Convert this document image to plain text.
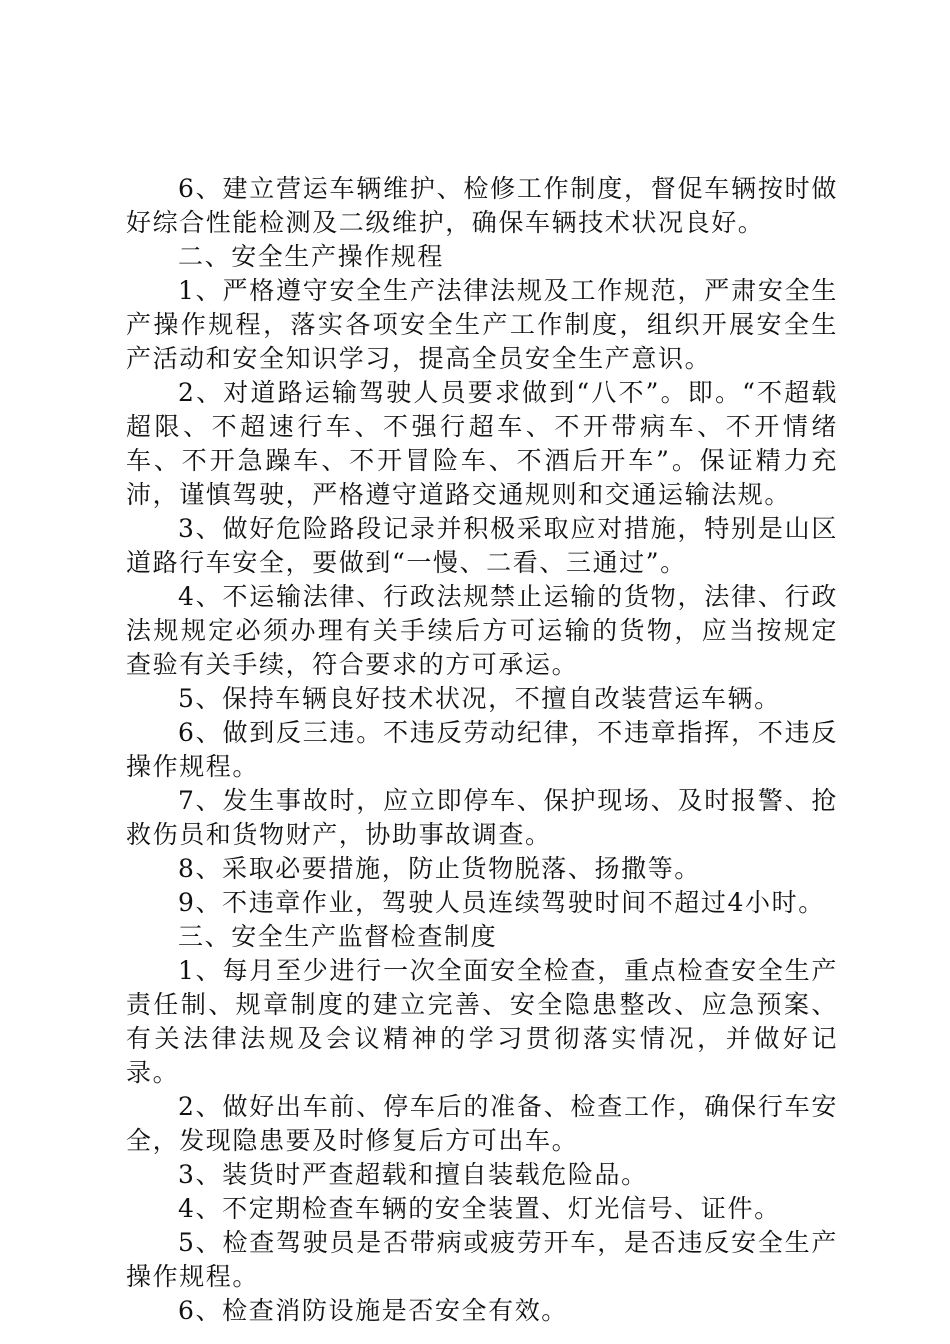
6、建立营运车辆维护、检修工作制度，督促车辆按时做好综合性能检测及二级维护，确保车辆技术状况良好。

二、安全生产操作规程

1、严格遵守安全生产法律法规及工作规范，严肃安全生产操作规程，落实各项安全生产工作制度，组织开展安全生产活动和安全知识学习，提高全员安全生产意识。

2、对道路运输驾驶人员要求做到“八不”。即。“不超载超限、不超速行车、不强行超车、不开带病车、不开情绪车、不开急躁车、不开冒险车、不酒后开车”。保证精力充沛，谨慎驾驶，严格遵守道路交通规则和交通运输法规。

3、做好危险路段记录并积极采取应对措施，特别是山区道路行车安全，要做到“一慢、二看、三通过”。

4、不运输法律、行政法规禁止运输的货物，法律、行政法规规定必须办理有关手续后方可运输的货物，应当按规定查验有关手续，符合要求的方可承运。

5、保持车辆良好技术状况，不擅自改装营运车辆。

6、做到反三违。不违反劳动纪律，不违章指挥，不违反操作规程。

7、发生事故时，应立即停车、保护现场、及时报警、抢救伤员和货物财产，协助事故调查。

8、采取必要措施，防止货物脱落、扬撒等。

9、不违章作业，驾驶人员连续驾驶时间不超过4小时。

三、安全生产监督检查制度

1、每月至少进行一次全面安全检查，重点检查安全生产责任制、规章制度的建立完善、安全隐患整改、应急预案、有关法律法规及会议精神的学习贯彻落实情况，并做好记录。

2、做好出车前、停车后的准备、检查工作，确保行车安全，发现隐患要及时修复后方可出车。

3、装货时严查超载和擅自装载危险品。

4、不定期检查车辆的安全装置、灯光信号、证件。

5、检查驾驶员是否带病或疲劳开车，是否违反安全生产操作规程。

6、检查消防设施是否安全有效。
